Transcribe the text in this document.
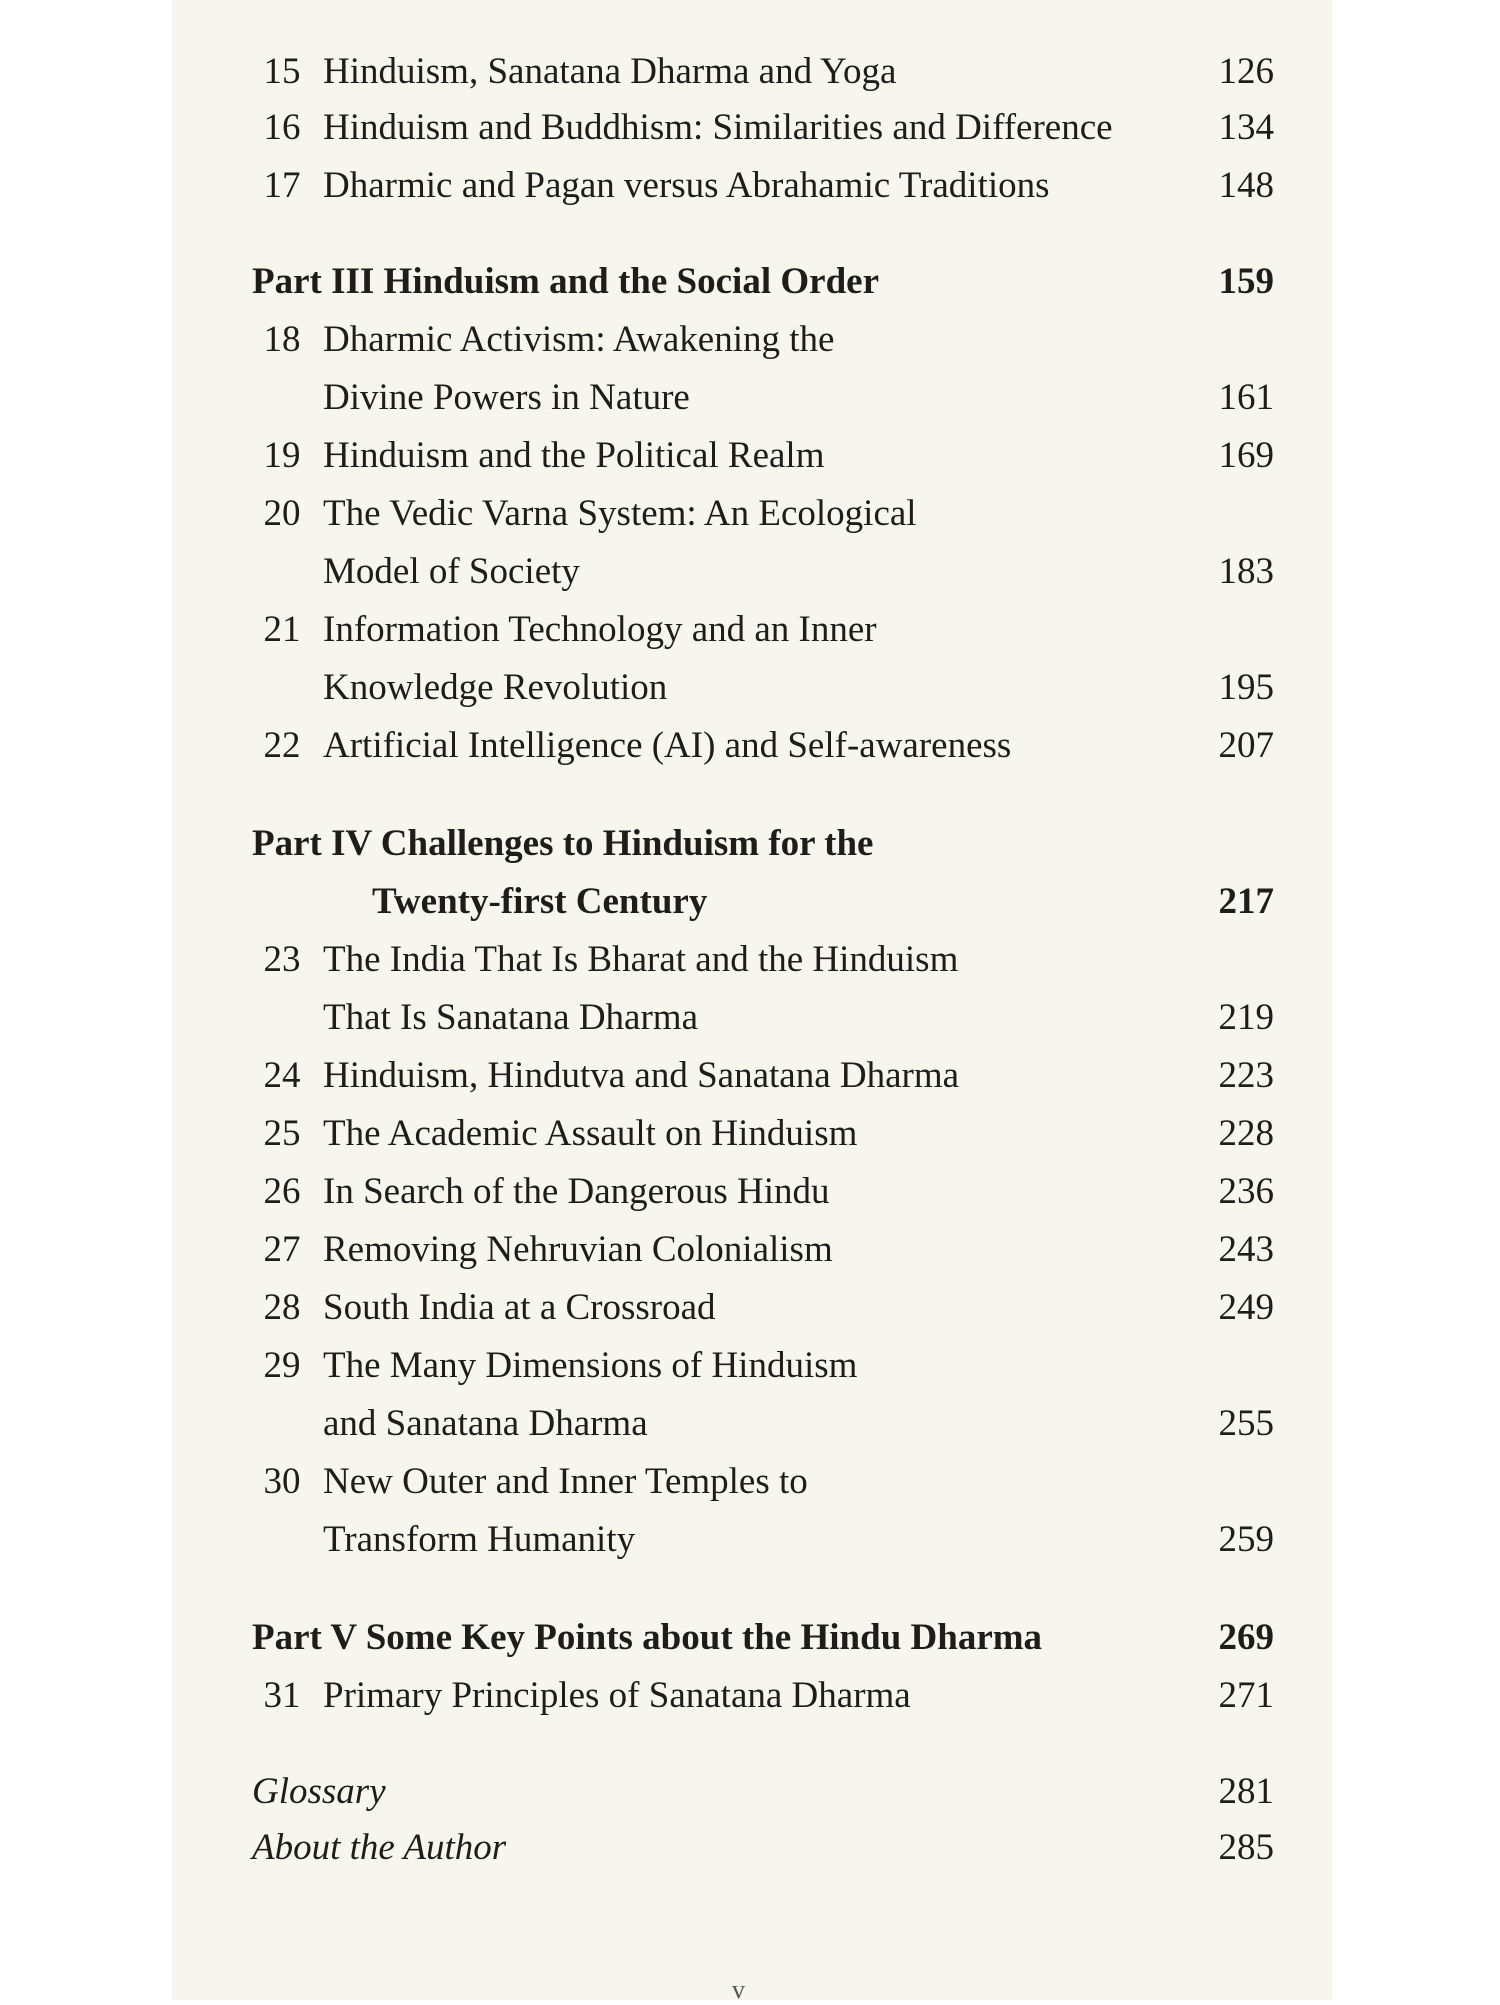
15 Hinduism, Sanatana Dharma and Yoga	126
16 Hinduism and Buddhism: Similarities and Difference	134
17 Dharmic and Pagan versus Abrahamic Traditions	148
Part III Hinduism and the Social Order	159
18 Dharmic Activism: Awakening the
Divine Powers in Nature	161
19 Hinduism and the Political Realm	169
20 The Vedic Varna System: An Ecological
Model of Society	183
21 Information Technology and an Inner
Knowledge Revolution	195
22 Artificial Intelligence (AI) and Self-awareness	207
Part IV Challenges to Hinduism for the
Twenty-first Century	217
23 The India That Is Bharat and the Hinduism
That Is Sanatana Dharma	219
24 Hinduism, Hindutva and Sanatana Dharma	223
25 The Academic Assault on Hinduism	228
26 In Search of the Dangerous Hindu	236
27 Removing Nehruvian Colonialism	243
28 South India at a Crossroad	249
29 The Many Dimensions of Hinduism
and Sanatana Dharma	255
30 New Outer and Inner Temples to
Transform Humanity	259
Part V Some Key Points about the Hindu Dharma	269
31 Primary Principles of Sanatana Dharma	271
Glossary	281
About the Author	285
v
